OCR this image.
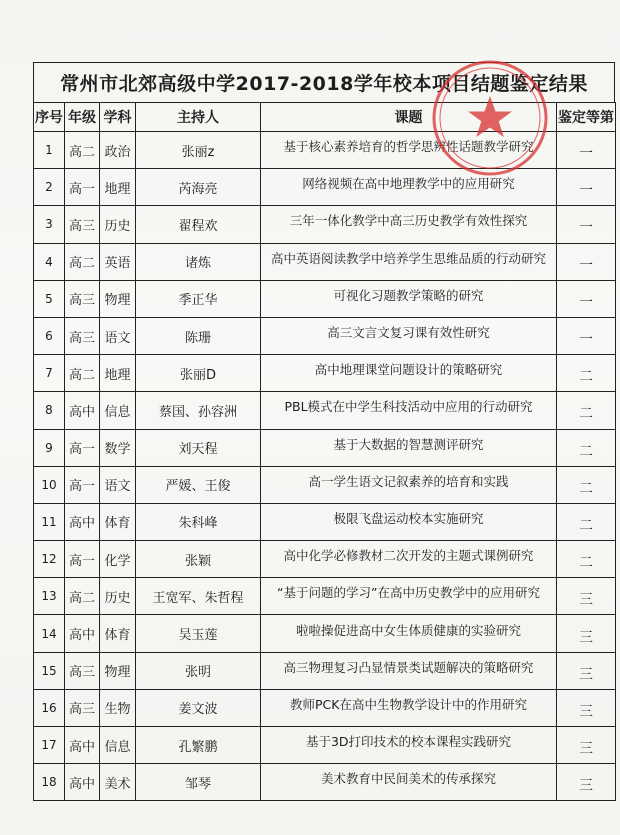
常州市北郊高级中学2017-2018学年校本项目结题鉴定结果
序号	年级	学科	主持人	课题	鉴定等第
1	高二	政治	张丽z	基于核心素养培育的哲学思辨性话题教学研究	一
2	高一	地理	芮海亮	网络视频在高中地理教学中的应用研究	一
3	高三	历史	翟程欢	三年一体化教学中高三历史教学有效性探究	一
4	高二	英语	诸炼	高中英语阅读教学中培养学生思维品质的行动研究	一
5	高三	物理	季正华	可视化习题教学策略的研究	一
6	高三	语文	陈珊	高三文言文复习课有效性研究	一
7	高二	地理	张丽D	高中地理课堂问题设计的策略研究	二
8	高中	信息	蔡国、孙容洲	PBL模式在中学生科技活动中应用的行动研究	二
9	高一	数学	刘天程	基于大数据的智慧测评研究	二
10	高一	语文	严媛、王俊	高一学生语文记叙素养的培育和实践	二
11	高中	体育	朱科峰	极限飞盘运动校本实施研究	二
12	高一	化学	张颖	高中化学必修教材二次开发的主题式课例研究	二
13	高二	历史	王宽军、朱哲程	“基于问题的学习”在高中历史教学中的应用研究	三
14	高中	体育	吴玉莲	啦啦操促进高中女生体质健康的实验研究	三
15	高三	物理	张明	高三物理复习凸显情景类试题解决的策略研究	三
16	高三	生物	姜文波	教师PCK在高中生物教学设计中的作用研究	三
17	高中	信息	孔繁鹏	基于3D打印技术的校本课程实践研究	三
18	高中	美术	邹琴	美术教育中民间美术的传承探究	三
